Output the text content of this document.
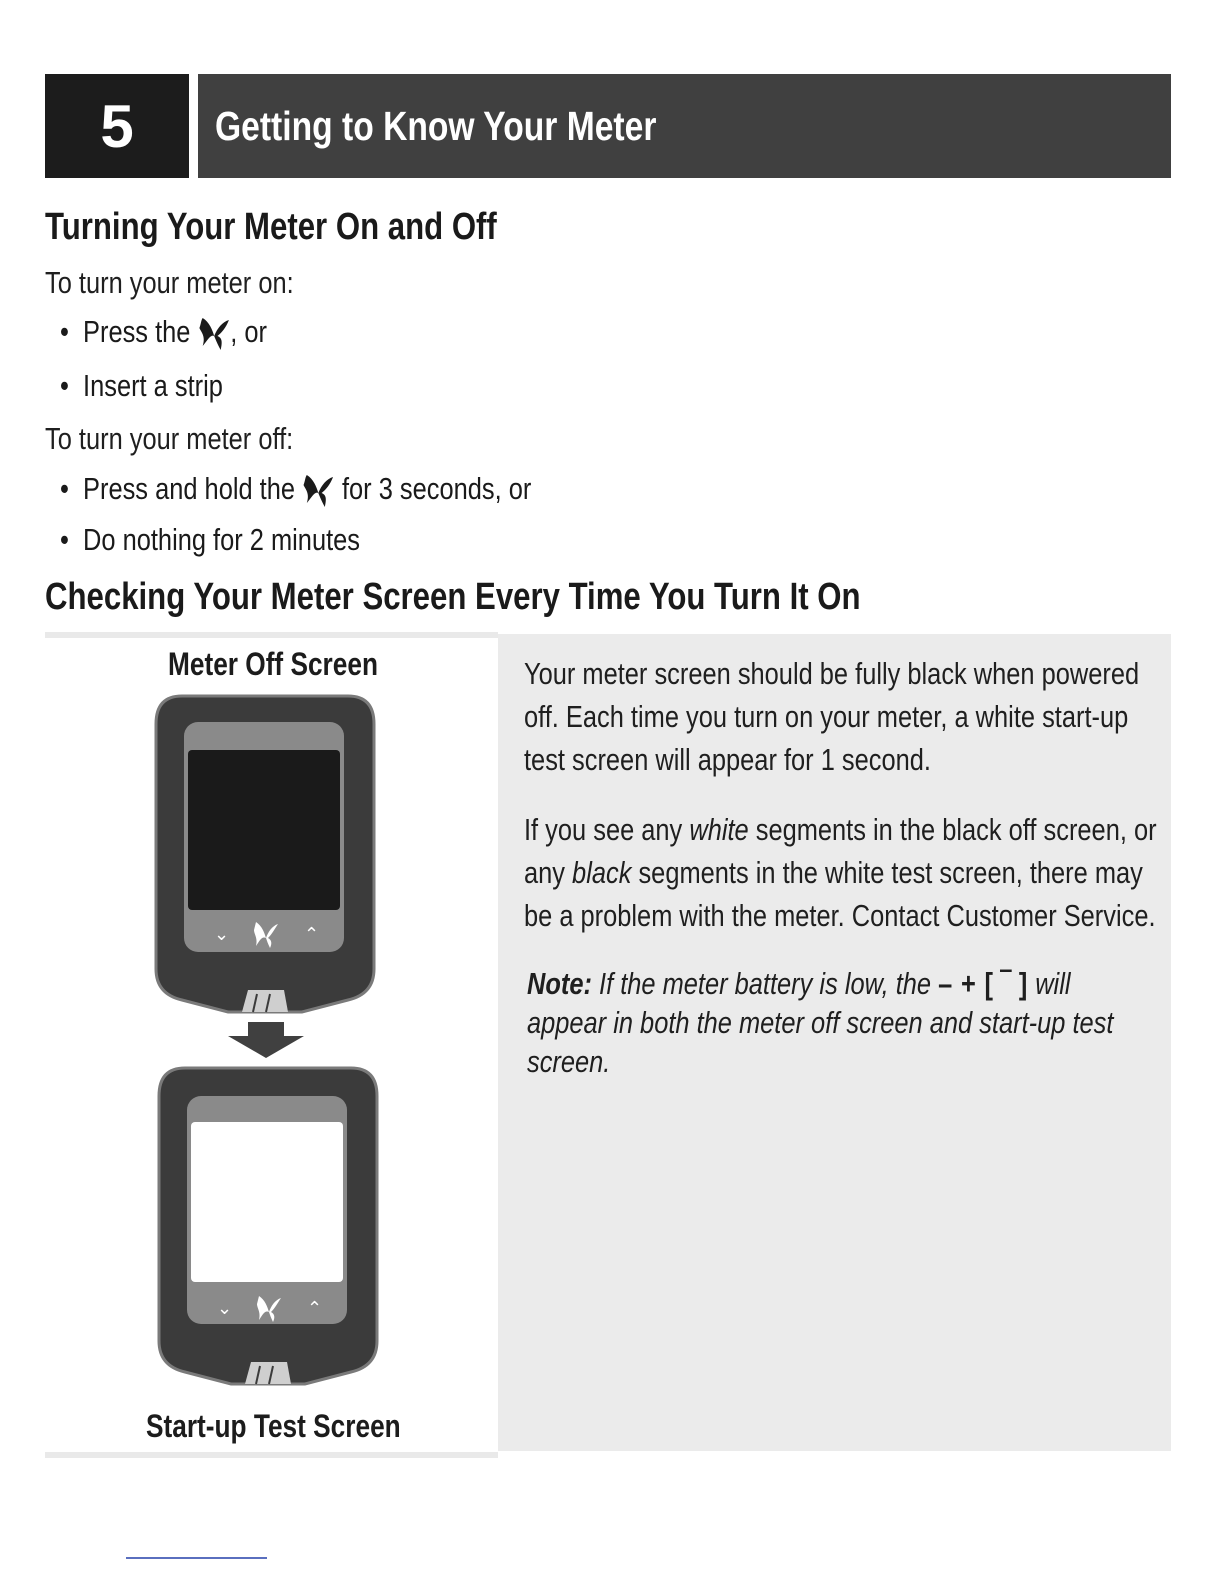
5 Getting to Know Your Meter
Turning Your Meter On and Off
To turn your meter on:
•  Press the , or
•  Insert a strip
To turn your meter off:
•  Press and hold the for 3 seconds, or
•  Do nothing for 2 minutes
Checking Your Meter Screen Every Time You Turn It On
Meter Off Screen
⌄	⌃
⌄	⌃
Start-up Test Screen
Your meter screen should be fully black when powered
off. Each time you turn on your meter, a white start-up
test screen will appear for 1 second.
If you see any white segments in the black off screen, or
any black segments in the white test screen, there may
be a problem with the meter. Contact Customer Service.
Note: If the meter battery is low, the – + [ ‾ ] will
appear in both the meter off screen and start-up test
screen.
